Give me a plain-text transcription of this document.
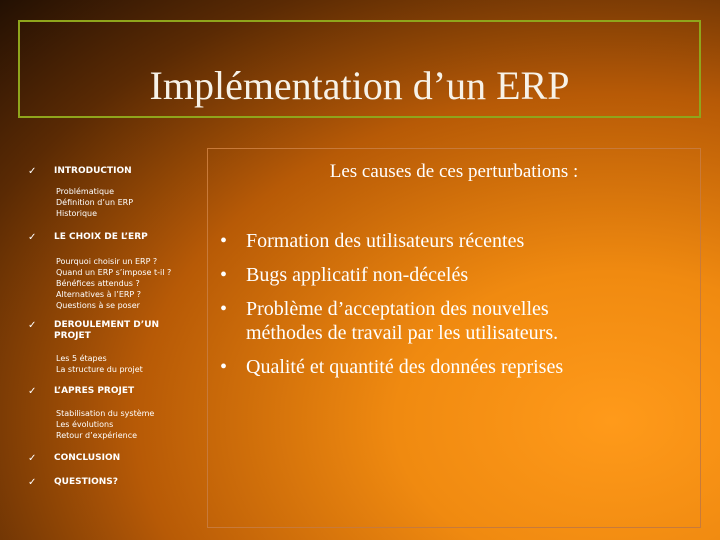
Implémentation d’un ERP
✓ INTRODUCTION
Problématique
Définition d’un ERP
Historique
✓ LE CHOIX DE L’ERP
Pourquoi choisir un ERP ?
Quand un ERP s’impose t-il ?
Bénéfices attendus ?
Alternatives à l’ERP ?
Questions à se poser
✓ DEROULEMENT D’UN
PROJET
Les 5 étapes
La structure du projet
✓ L’APRES PROJET
Stabilisation du système
Les évolutions
Retour d’expérience
✓ CONCLUSION
✓ QUESTIONS?
Les causes de ces perturbations :
• Formation des utilisateurs récentes
• Bugs applicatif non-décelés
• Problème d’acceptation des nouvelles
méthodes de travail par les utilisateurs.
• Qualité et quantité des données reprises
